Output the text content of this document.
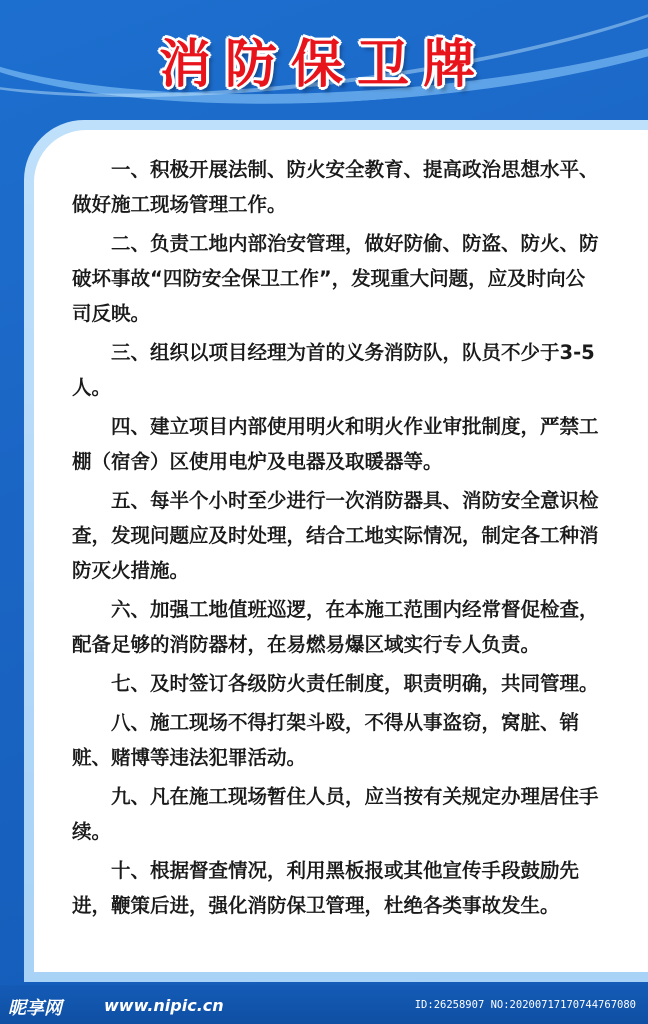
消防保卫牌

一、积极开展法制、防火安全教育、提高政治思想水平、做好施工现场管理工作。

二、负责工地内部治安管理，做好防偷、防盗、防火、防破坏事故“四防安全保卫工作”，发现重大问题，应及时向公司反映。

三、组织以项目经理为首的义务消防队，队员不少于3-5人。

四、建立项目内部使用明火和明火作业审批制度，严禁工棚（宿舍）区使用电炉及电器及取暖器等。

五、每半个小时至少进行一次消防器具、消防安全意识检查，发现问题应及时处理，结合工地实际情况，制定各工种消防灭火措施。

六、加强工地值班巡逻，在本施工范围内经常督促检查，配备足够的消防器材，在易燃易爆区域实行专人负责。

七、及时签订各级防火责任制度，职责明确，共同管理。

八、施工现场不得打架斗殴，不得从事盗窃，窝脏、销赃、赌博等违法犯罪活动。

九、凡在施工现场暂住人员，应当按有关规定办理居住手续。

十、根据督查情况，利用黑板报或其他宣传手段鼓励先进，鞭策后进，强化消防保卫管理，杜绝各类事故发生。

昵享网	www.nipic.cn	ID:26258907 NO:20200717170744767080
